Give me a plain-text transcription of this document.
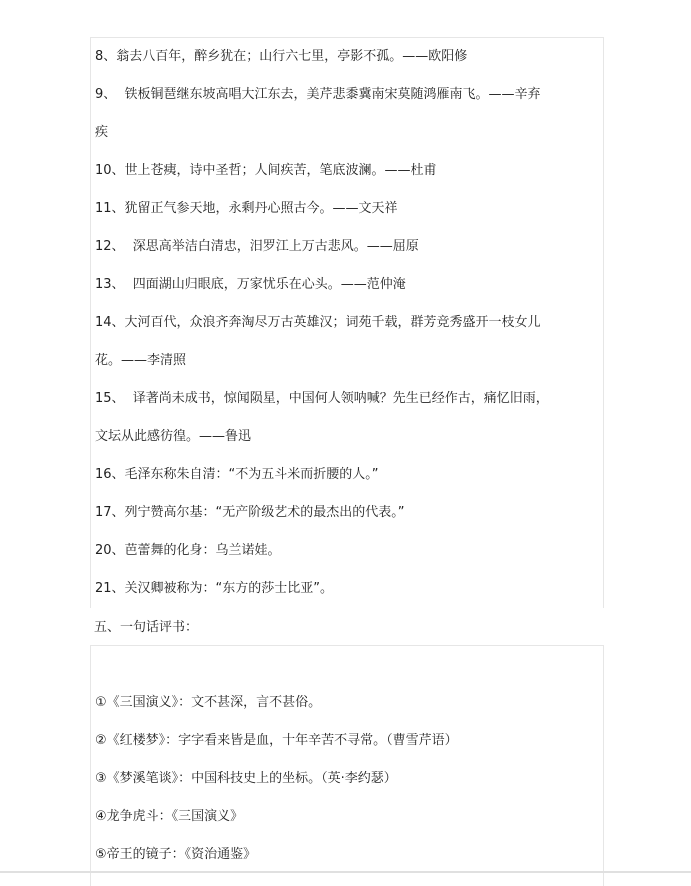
8、翁去八百年，醉乡犹在；山行六七里，亭影不孤。——欧阳修
9、  铁板铜琶继东坡高唱大江东去，美芹悲黍冀南宋莫随鸿雁南飞。——辛弃
疾
10、世上苍痍，诗中圣哲；人间疾苦，笔底波澜。——杜甫
11、犹留正气参天地，永剩丹心照古今。——文天祥
12、  深思高举洁白清忠，汨罗江上万古悲风。——屈原
13、  四面湖山归眼底，万家忧乐在心头。——范仲淹
14、大河百代，众浪齐奔淘尽万古英雄汉；词苑千载，群芳竞秀盛开一枝女儿
花。——李清照
15、  译著尚未成书，惊闻陨星，中国何人领呐喊？先生已经作古，痛忆旧雨，
文坛从此感彷徨。——鲁迅
16、毛泽东称朱自清：“不为五斗米而折腰的人。”
17、列宁赞高尔基：“无产阶级艺术的最杰出的代表。”
20、芭蕾舞的化身：乌兰诺娃。
21、关汉卿被称为：“东方的莎士比亚”。
五、一句话评书：
①《三国演义》：文不甚深，言不甚俗。
②《红楼梦》：字字看来皆是血，十年辛苦不寻常。（曹雪芹语）
③《梦溪笔谈》：中国科技史上的坐标。（英·李约瑟）
④龙争虎斗：《三国演义》
⑤帝王的镜子：《资治通鉴》
